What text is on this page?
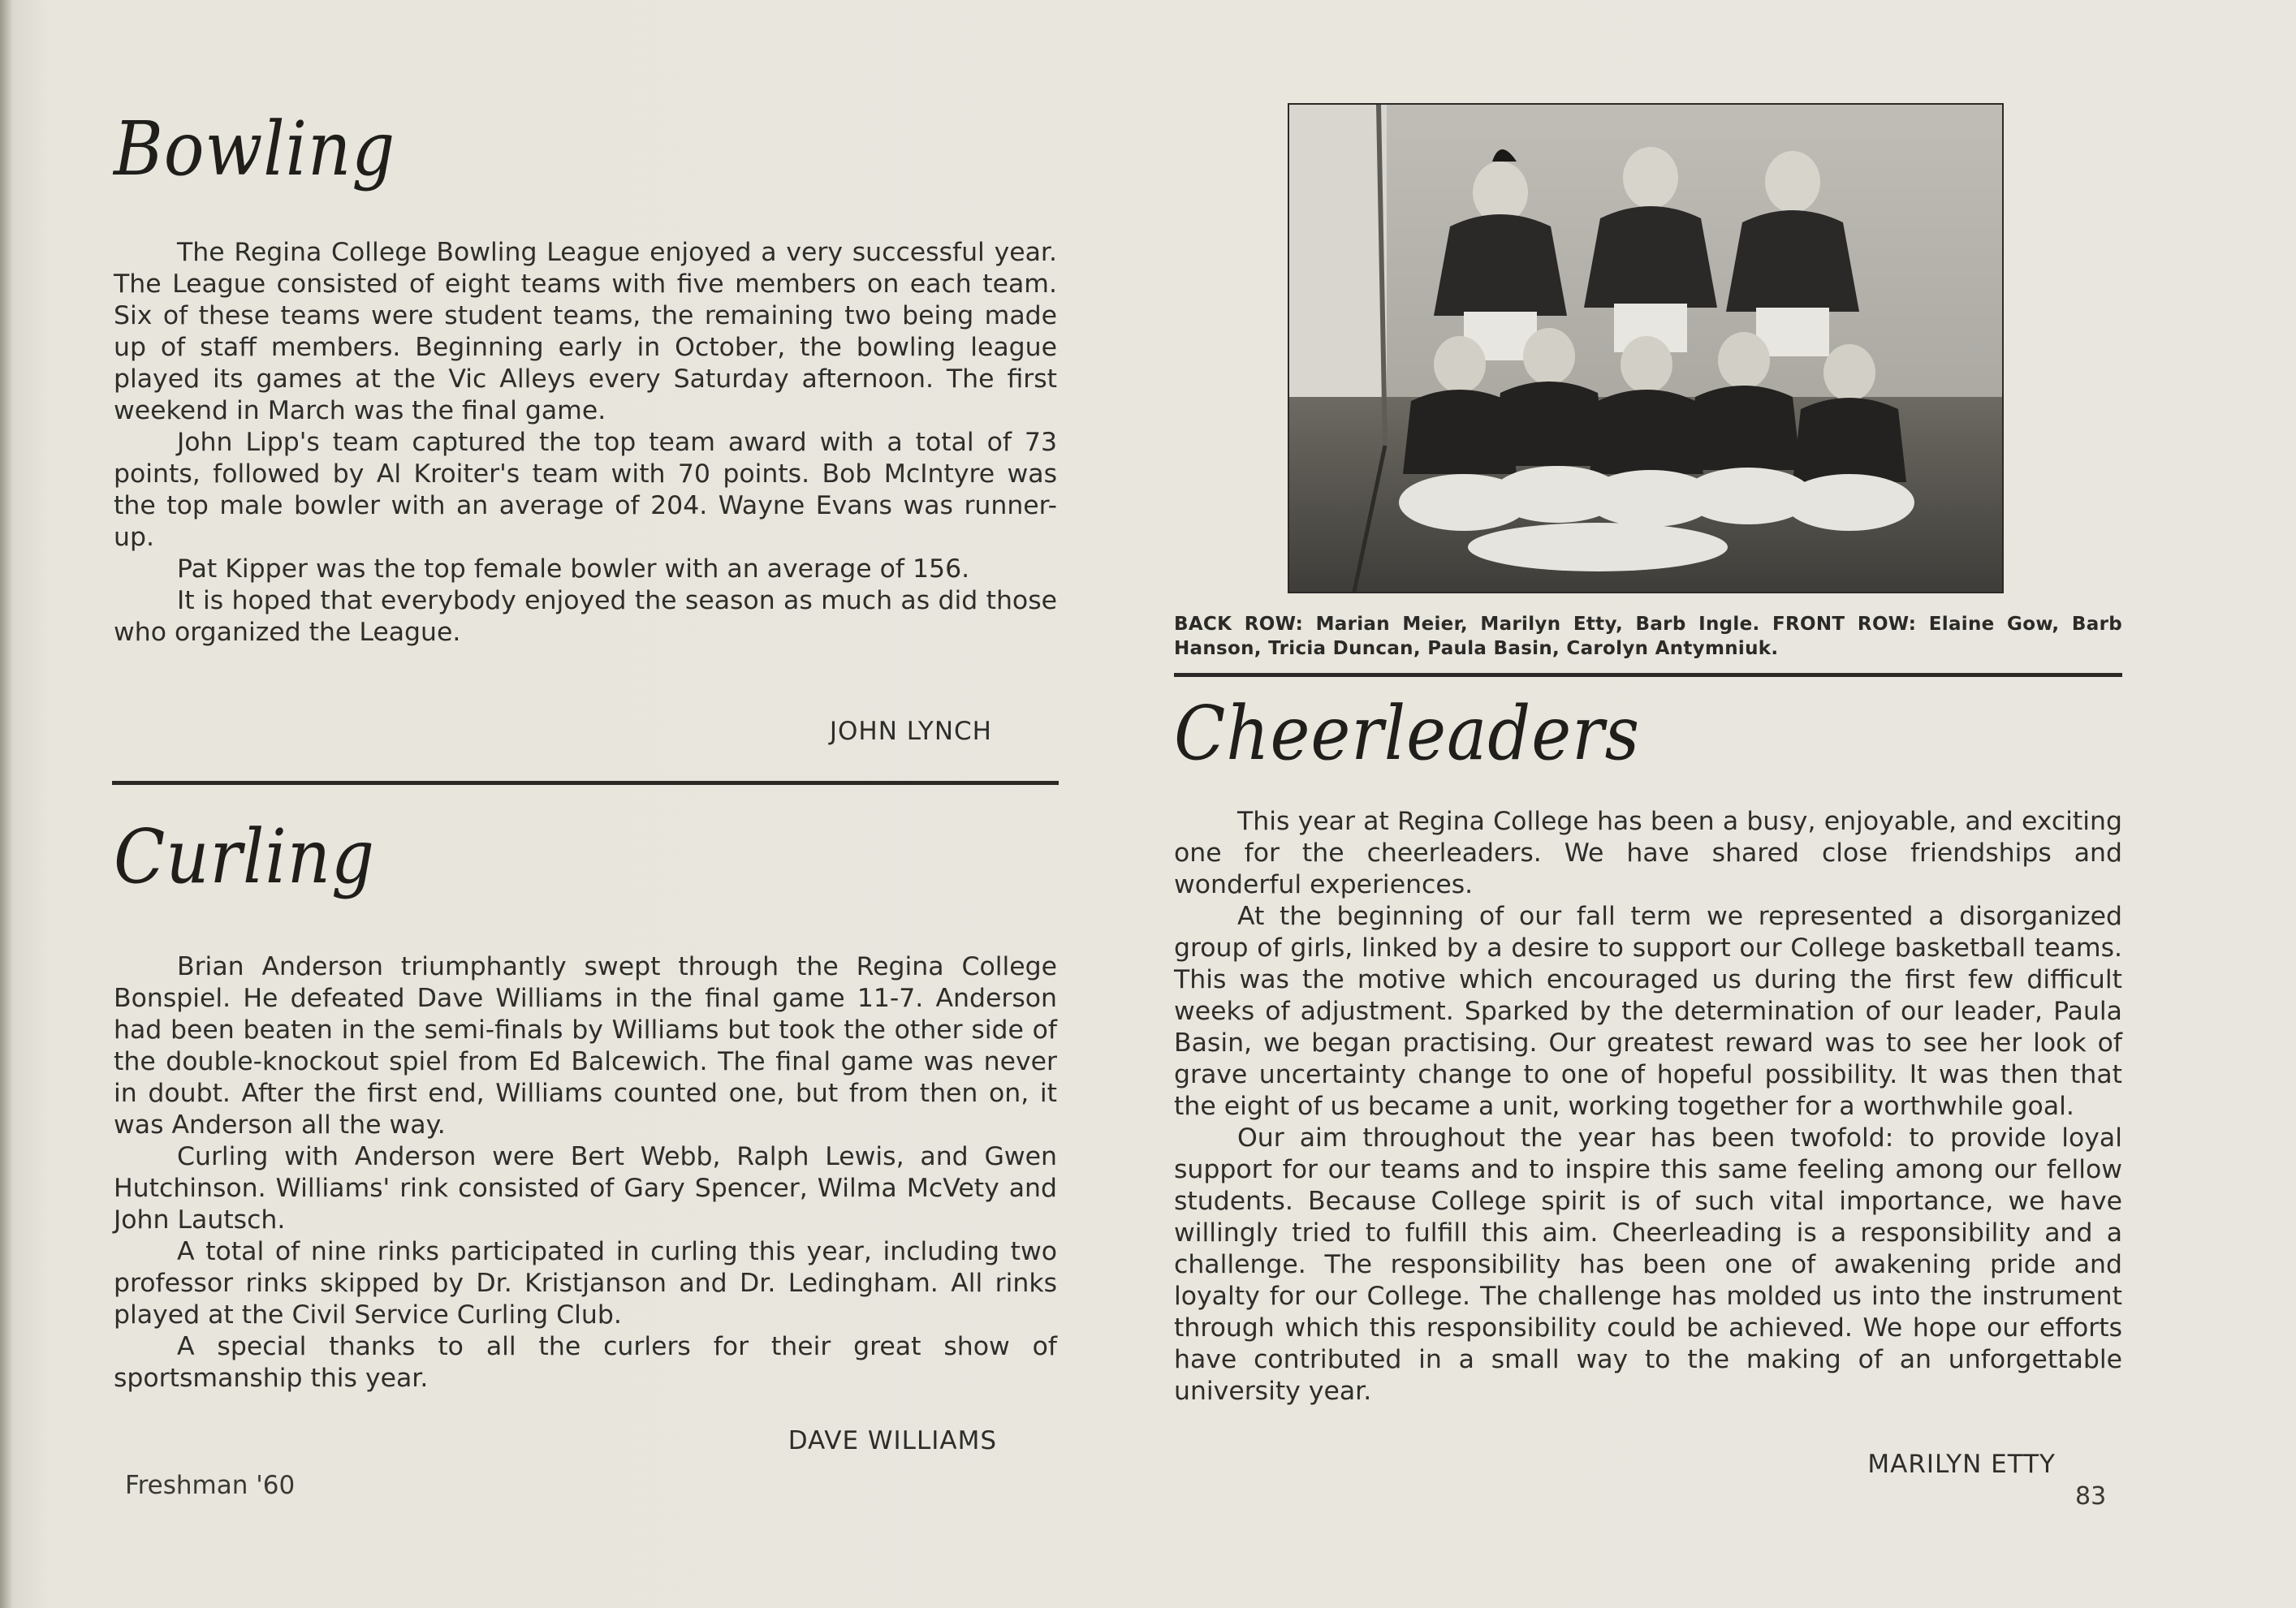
Bowling

The Regina College Bowling League enjoyed a very successful year. The League consisted of eight teams with five members on each team. Six of these teams were student teams, the remaining two being made up of staff members. Beginning early in October, the bowling league played its games at the Vic Alleys every Saturday afternoon. The first weekend in March was the final game.

John Lipp's team captured the top team award with a total of 73 points, followed by Al Kroiter's team with 70 points. Bob McIntyre was the top male bowler with an average of 204. Wayne Evans was runner-up.

Pat Kipper was the top female bowler with an average of 156.

It is hoped that everybody enjoyed the season as much as did those who organized the League.

JOHN LYNCH
Curling

Brian Anderson triumphantly swept through the Regina College Bonspiel. He defeated Dave Williams in the final game 11-7. Anderson had been beaten in the semi-finals by Williams but took the other side of the double-knockout spiel from Ed Balcewich. The final game was never in doubt. After the first end, Williams counted one, but from then on, it was Anderson all the way.

Curling with Anderson were Bert Webb, Ralph Lewis, and Gwen Hutchinson. Williams' rink consisted of Gary Spencer, Wilma McVety and John Lautsch.

A total of nine rinks participated in curling this year, including two professor rinks skipped by Dr. Kristjanson and Dr. Ledingham. All rinks played at the Civil Service Curling Club.

A special thanks to all the curlers for their great show of sportsmanship this year.

DAVE WILLIAMS
BACK ROW: Marian Meier, Marilyn Etty, Barb Ingle. FRONT ROW: Elaine Gow, Barb Hanson, Tricia Duncan, Paula Basin, Carolyn Antymniuk.
Cheerleaders

This year at Regina College has been a busy, enjoyable, and exciting one for the cheerleaders. We have shared close friendships and wonderful experiences.

At the beginning of our fall term we represented a disorganized group of girls, linked by a desire to support our College basketball teams. This was the motive which encouraged us during the first few difficult weeks of adjustment. Sparked by the determination of our leader, Paula Basin, we began practising. Our greatest reward was to see her look of grave uncertainty change to one of hopeful possibility. It was then that the eight of us became a unit, working together for a worthwhile goal.

Our aim throughout the year has been twofold: to provide loyal support for our teams and to inspire this same feeling among our fellow students. Because College spirit is of such vital importance, we have willingly tried to fulfill this aim. Cheerleading is a responsibility and a challenge. The responsibility has been one of awakening pride and loyalty for our College. The challenge has molded us into the instrument through which this responsibility could be achieved. We hope our efforts have contributed in a small way to the making of an unforgettable university year.

MARILYN ETTY
Freshman '60	83
